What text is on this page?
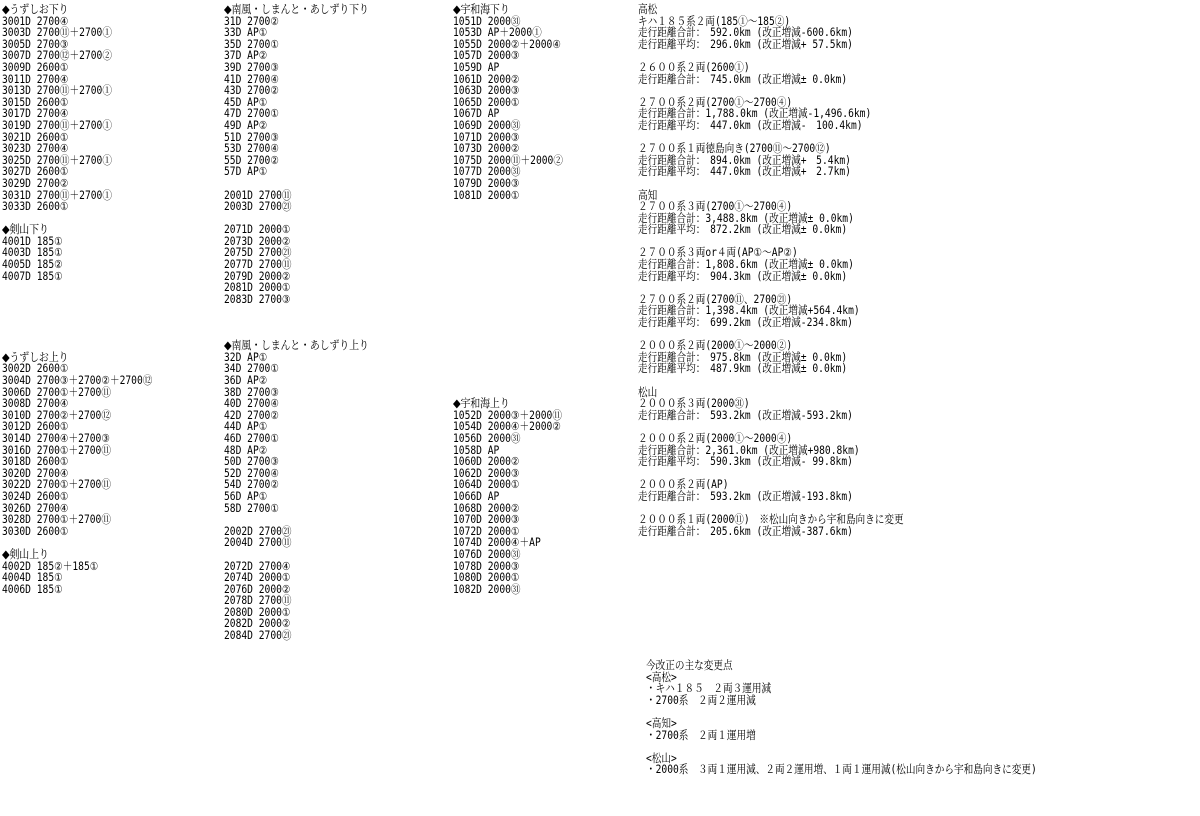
◆うずしお下り
3001D 2700④
3003D 2700⑪＋2700①
3005D 2700③
3007D 2700⑫＋2700②
3009D 2600①
3011D 2700④
3013D 2700⑪＋2700①
3015D 2600①
3017D 2700④
3019D 2700⑪＋2700①
3021D 2600①
3023D 2700④
3025D 2700⑪＋2700①
3027D 2600①
3029D 2700②
3031D 2700⑪＋2700①
3033D 2600①
◆剣山下り
4001D 185①
4003D 185①
4005D 185②
4007D 185①
◆うずしお上り
3002D 2600①
3004D 2700③＋2700②＋2700⑫
3006D 2700①＋2700⑪
3008D 2700④
3010D 2700②＋2700⑫
3012D 2600①
3014D 2700④＋2700③
3016D 2700①＋2700⑪
3018D 2600①
3020D 2700④
3022D 2700①＋2700⑪
3024D 2600①
3026D 2700④
3028D 2700①＋2700⑪
3030D 2600①
◆剣山上り
4002D 185②＋185①
4004D 185①
4006D 185①
◆南風・しまんと・あしずり下り
31D 2700②
33D AP①
35D 2700①
37D AP②
39D 2700③
41D 2700④
43D 2700②
45D AP①
47D 2700①
49D AP②
51D 2700③
53D 2700④
55D 2700②
57D AP①
2001D 2700⑪
2003D 2700㉑
2071D 2000①
2073D 2000②
2075D 2700㉑
2077D 2700⑪
2079D 2000②
2081D 2000①
2083D 2700③
◆南風・しまんと・あしずり上り
32D AP①
34D 2700①
36D AP②
38D 2700③
40D 2700④
42D 2700②
44D AP①
46D 2700①
48D AP②
50D 2700③
52D 2700④
54D 2700②
56D AP①
58D 2700①
2002D 2700㉑
2004D 2700⑪
2072D 2700④
2074D 2000①
2076D 2000②
2078D 2700⑪
2080D 2000①
2082D 2000②
2084D 2700㉑
◆宇和海下り
1051D 2000㉛
1053D AP＋2000①
1055D 2000②＋2000④
1057D 2000③
1059D AP
1061D 2000②
1063D 2000③
1065D 2000①
1067D AP
1069D 2000㉛
1071D 2000③
1073D 2000②
1075D 2000⑪＋2000②
1077D 2000㉛
1079D 2000③
1081D 2000①
◆宇和海上り
1052D 2000③＋2000⑪
1054D 2000④＋2000②
1056D 2000㉛
1058D AP
1060D 2000②
1062D 2000③
1064D 2000①
1066D AP
1068D 2000②
1070D 2000③
1072D 2000①
1074D 2000④＋AP
1076D 2000㉛
1078D 2000③
1080D 2000①
1082D 2000㉛
高松
キハ１８５系２両(185①～185②)
走行距離合計：　592.0km (改正増減-600.6km)
走行距離平均：　296.0km (改正増減+ 57.5km)
２６００系２両(2600①)
走行距離合計：　745.0km (改正増減± 0.0km)
２７００系２両(2700①～2700④)
走行距離合計：1,788.0km (改正増減-1,496.6km)
走行距離平均：　447.0km (改正増減-　100.4km)
２７００系１両徳島向き(2700⑪～2700⑫)
走行距離合計：　894.0km (改正増減+　5.4km)
走行距離平均：　447.0km (改正増減+　2.7km)
高知
２７００系３両(2700①～2700④)
走行距離合計：3,488.8km (改正増減± 0.0km)
走行距離平均：　872.2km (改正増減± 0.0km)
２７００系３両or４両(AP①～AP②)
走行距離合計：1,808.6km (改正増減± 0.0km)
走行距離平均：　904.3km (改正増減± 0.0km)
２７００系２両(2700⑪、2700㉑)
走行距離合計：1,398.4km (改正増減+564.4km)
走行距離平均：　699.2km (改正増減-234.8km)
２０００系２両(2000①～2000②)
走行距離合計：　975.8km (改正増減± 0.0km)
走行距離平均：　487.9km (改正増減± 0.0km)
松山
２０００系３両(2000㉛)
走行距離合計：　593.2km (改正増減-593.2km)
２０００系２両(2000①～2000④)
走行距離合計：2,361.0km (改正増減+980.8km)
走行距離平均：　590.3km (改正増減- 99.8km)
２０００系２両(AP)
走行距離合計：　593.2km (改正増減-193.8km)
２０００系１両(2000⑪)　※松山向きから宇和島向きに変更
走行距離合計：　205.6km (改正増減-387.6km)
今改正の主な変更点
<高松>
・キハ１８５　２両３運用減
・2700系　２両２運用減
<高知>
・2700系　２両１運用増
<松山>
・2000系　３両１運用減、２両２運用増、１両１運用減(松山向きから宇和島向きに変更)
